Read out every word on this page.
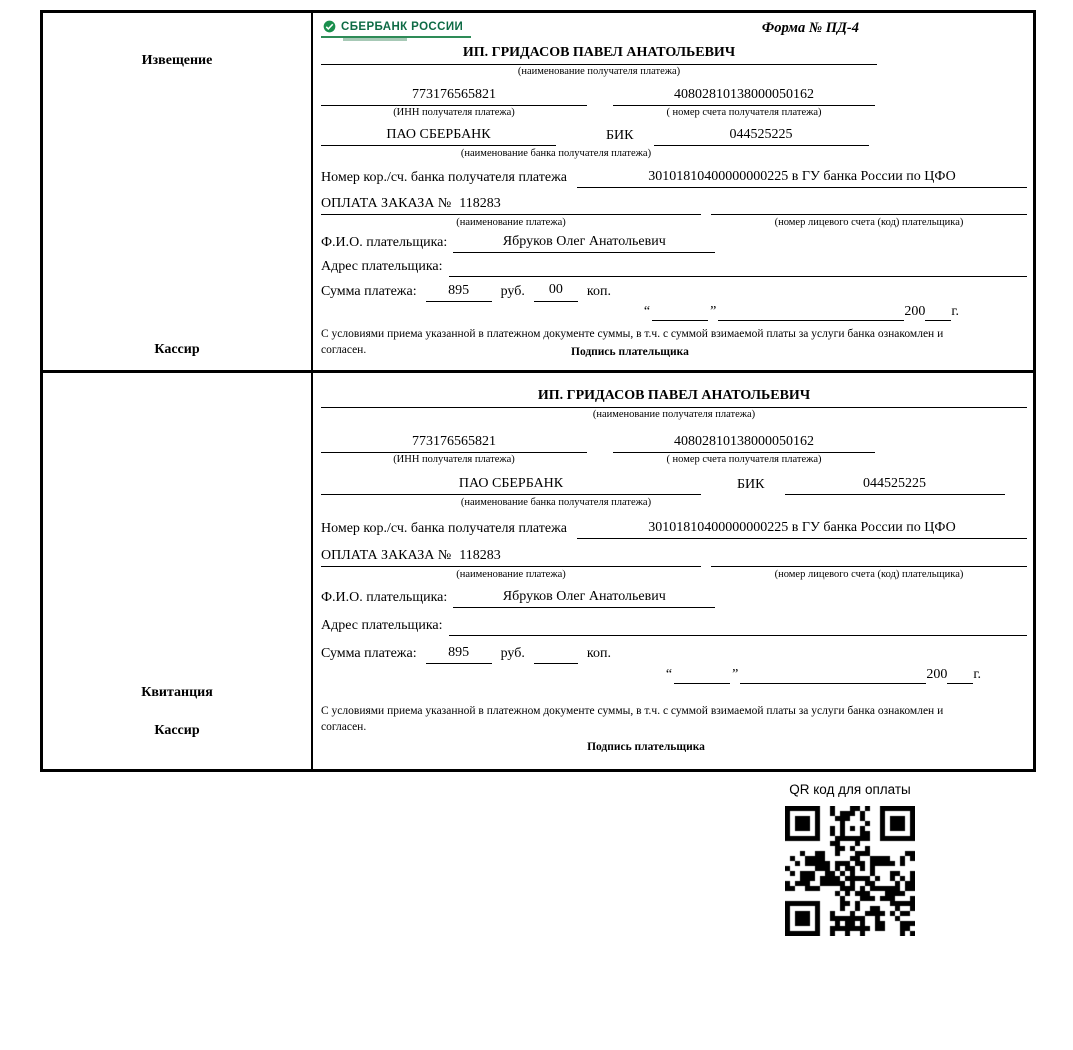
Извещение
Кассир
СБЕРБАНК РОССИИ	Форма № ПД-4
ИП. ГРИДАСОВ ПАВЕЛ АНАТОЛЬЕВИЧ
(наименование получателя платежа)
773176565821
(ИНН получателя платежа)
40802810138000050162
( номер счета получателя платежа)
ПАО СБЕРБАНК	БИК	044525225
(наименование банка получателя платежа)
Номер кор./сч. банка получателя платежа	30101810400000000225 в ГУ банка России по ЦФО
ОПЛАТА ЗАКАЗА № 118283
(наименование платежа)	(номер лицевого счета (код) плательщика)
Ф.И.О. плательщика:	Ябруков Олег Анатольевич
Адрес плательщика:
Сумма платежа:	895	руб.	00	коп.
“	”	200 г.

С условиями приема указанной в платежном документе суммы, в т.ч. с суммой взимаемой платы за услуги банка ознакомлен и согласен.	Подпись плательщика
Квитанция
Кассир
ИП. ГРИДАСОВ ПАВЕЛ АНАТОЛЬЕВИЧ
(наименование получателя платежа)
773176565821
(ИНН получателя платежа)
40802810138000050162
( номер счета получателя платежа)
ПАО СБЕРБАНК	БИК	044525225
(наименование банка получателя платежа)
Номер кор./сч. банка получателя платежа	30101810400000000225 в ГУ банка России по ЦФО
ОПЛАТА ЗАКАЗА № 118283
(наименование платежа)	(номер лицевого счета (код) плательщика)
Ф.И.О. плательщика:	Ябруков Олег Анатольевич
Адрес плательщика:
Сумма платежа:	895	руб.	коп.
“	”	200 г.

С условиями приема указанной в платежном документе суммы, в т.ч. с суммой взимаемой платы за услуги банка ознакомлен и согласен.

Подпись плательщика
QR код для оплаты
